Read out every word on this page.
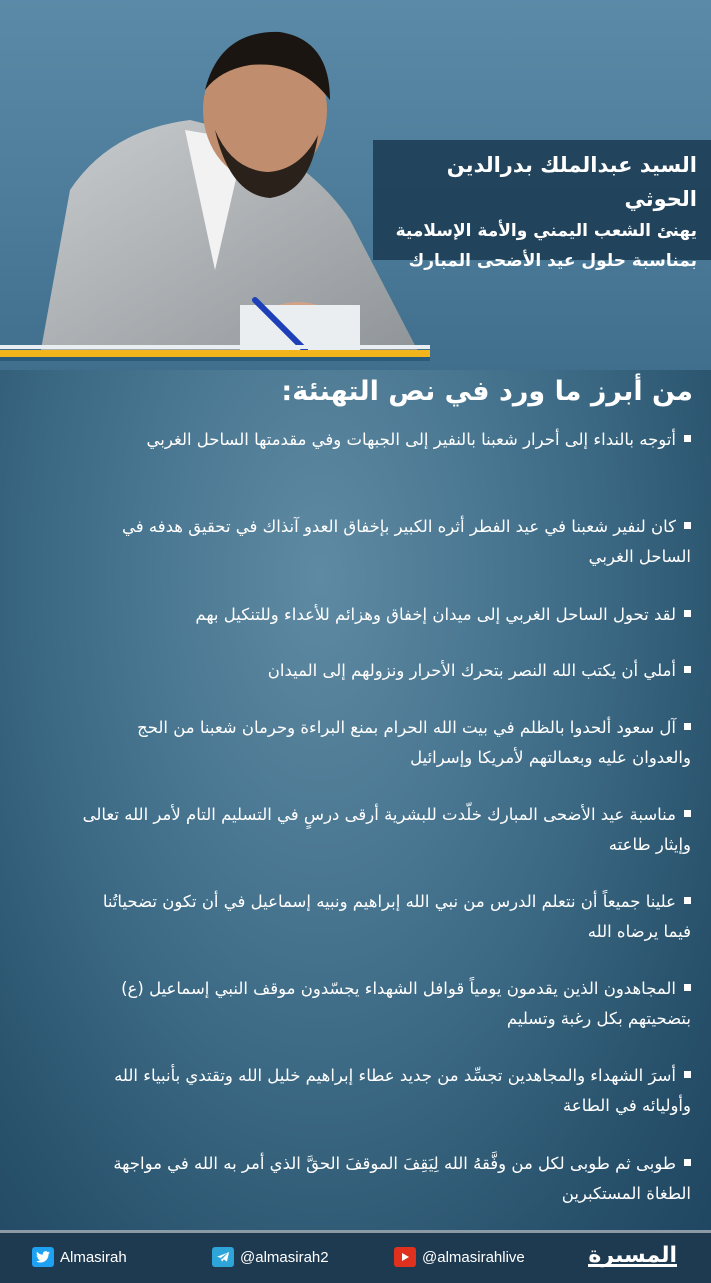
السيد عبدالملك بدرالدين الحوثي
يهنئ الشعب اليمني والأمة الإسلامية
بمناسبة حلول عيد الأضحى المبارك
من أبرز ما ورد في نص التهنئة:
أتوجه بالنداء إلى أحرار شعبنا بالنفير إلى الجبهات وفي مقدمتها الساحل الغربي
كان لنفير شعبنا في عيد الفطر أثره الكبير بإخفاق العدو آنذاك في تحقيق هدفه في الساحل الغربي
لقد تحول الساحل الغربي إلى ميدان إخفاق وهزائم للأعداء وللتنكيل بهم
أملي أن يكتب الله النصر بتحرك الأحرار ونزولهم إلى الميدان
آل سعود ألحدوا بالظلم في بيت الله الحرام بمنع البراءة وحرمان شعبنا من الحج والعدوان عليه وبعمالتهم لأمريكا وإسرائيل
مناسبة عيد الأضحى المبارك خلّدت للبشرية أرقى درسٍ في التسليم التام لأمر الله تعالى وإيثار طاعته
علينا جميعاً أن نتعلم الدرس من نبي الله إبراهيم ونبيه إسماعيل في أن تكون تضحياتُنا فيما يرضاه الله
المجاهدون الذين يقدمون يومياً قوافل الشهداء يجسّدون موقف النبي إسماعيل (ع) بتضحيتهم بكل رغبة وتسليم
أسرَ الشهداء والمجاهدين تجسِّد من جديد عطاء إبراهيم خليل الله وتقتدي بأنبياء الله وأوليائه في الطاعة
طوبى ثم طوبى لكل من وفَّقهُ الله لِيَقِفَ الموقفَ الحقَّ الذي أمر به الله في مواجهة الطغاة المستكبرين
Almasirah	@almasirah2	@almasirahlive	المسيرة
